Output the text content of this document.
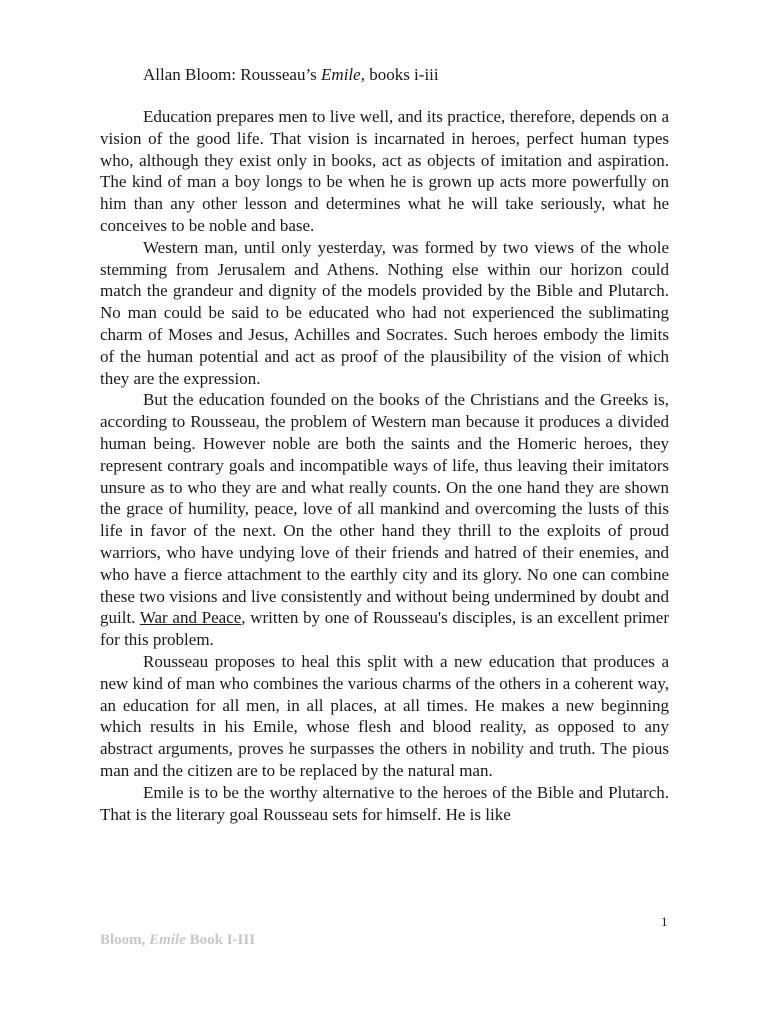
Allan Bloom: Rousseau’s Emile, books i-iii

Education prepares men to live well, and its practice, therefore, depends on a vision of the good life. That vision is incarnated in heroes, perfect human types who, although they exist only in books, act as objects of imitation and aspiration. The kind of man a boy longs to be when he is grown up acts more powerfully on him than any other lesson and determines what he will take seriously, what he conceives to be noble and base.

Western man, until only yesterday, was formed by two views of the whole stemming from Jerusalem and Athens. Nothing else within our horizon could match the grandeur and dignity of the models provided by the Bible and Plutarch. No man could be said to be educated who had not experienced the sublimating charm of Moses and Jesus, Achilles and Socrates. Such heroes embody the limits of the human potential and act as proof of the plausibility of the vision of which they are the expression.

But the education founded on the books of the Christians and the Greeks is, according to Rousseau, the problem of Western man because it produces a divided human being. However noble are both the saints and the Homeric heroes, they represent contrary goals and incompatible ways of life, thus leaving their imitators unsure as to who they are and what really counts. On the one hand they are shown the grace of humility, peace, love of all mankind and overcoming the lusts of this life in favor of the next. On the other hand they thrill to the exploits of proud warriors, who have undying love of their friends and hatred of their enemies, and who have a fierce attachment to the earthly city and its glory. No one can combine these two visions and live consistently and without being undermined by doubt and guilt. War and Peace, written by one of Rousseau's disciples, is an excellent primer for this problem.

Rousseau proposes to heal this split with a new education that produces a new kind of man who combines the various charms of the others in a coherent way, an education for all men, in all places, at all times. He makes a new beginning which results in his Emile, whose flesh and blood reality, as opposed to any abstract arguments, proves he surpasses the others in nobility and truth. The pious man and the citizen are to be replaced by the natural man.

Emile is to be the worthy alternative to the heroes of the Bible and Plutarch. That is the literary goal Rousseau sets for himself. He is like

1
Bloom, Emile Book I-III
